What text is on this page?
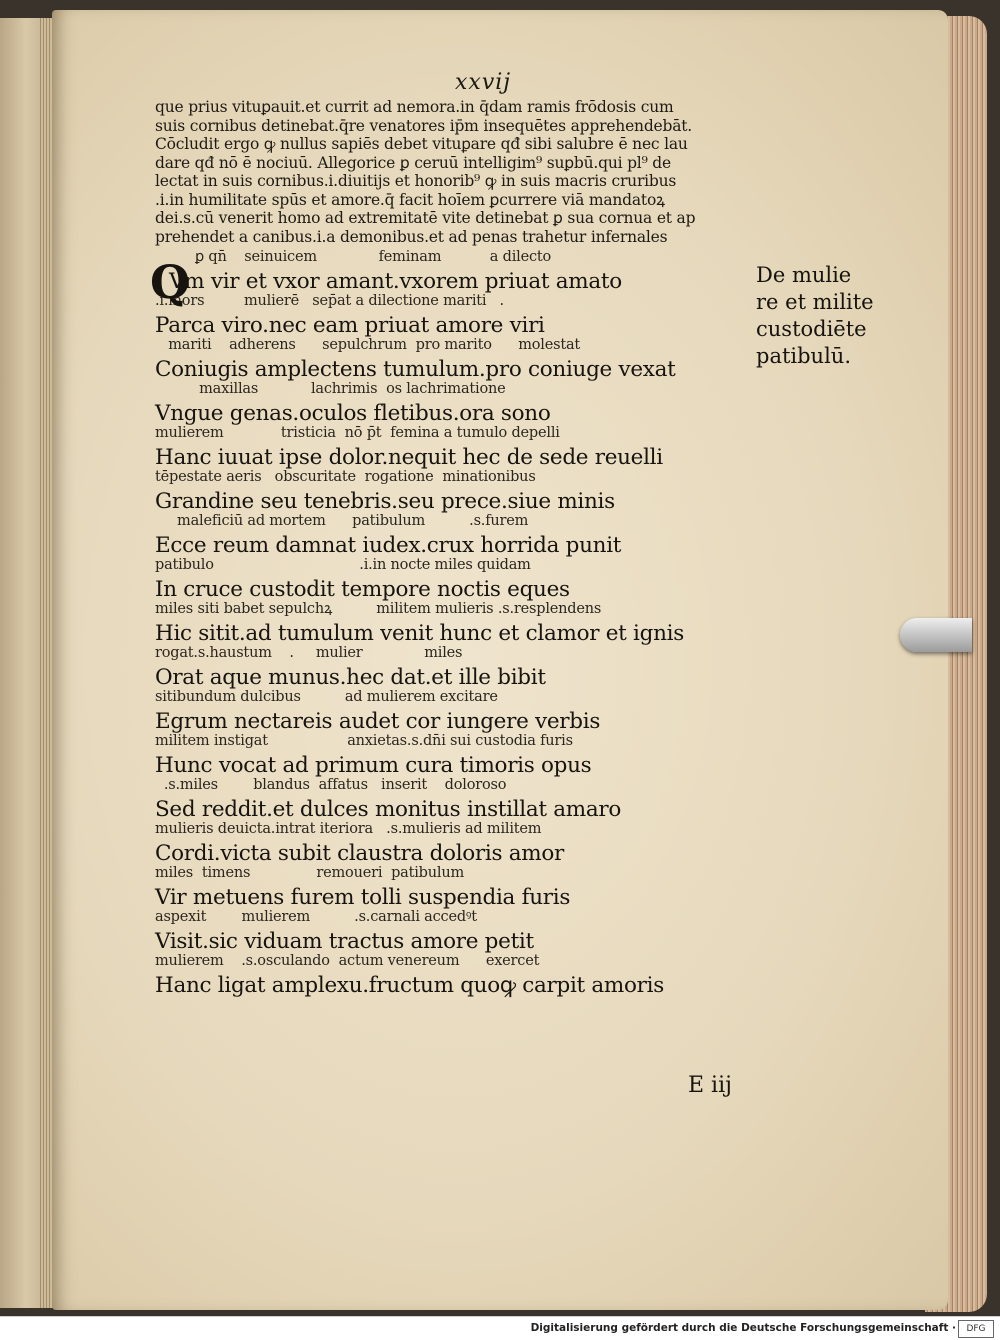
xxvij
que prius vituꝑauit.et currit ad nemora.in q̄dam ramis frōdosis cum
suis cornibus detinebat.q̄re venatores ip̄m insequētes apprehendebāt.
Cōcludit ergo ꝙ nullus sapiēs debet vituꝑare qđ sibi salubre ē nec lau
dare qđ nō ē nociuū. Allegorice ꝑ ceruū intelligim⁹ suꝑbū.qui pl⁹ de
lectat in suis cornibus.i.diuitijs et honorib⁹ ꝙ in suis macris cruribus
.i.in humilitate spūs et amore.q̄ facit hoīem ꝑcurrere viā mandatoꝝ
dei.s.cū venerit homo ad extremitatē vite detinebat ꝑ sua cornua et ap
prehendet a canibus.i.a demonibus.et ad penas trahetur infernales
ꝑ qn̄    seinuicem              feminam           a dilecto
Vm vir et vxor amant.vxorem priuat amato
.i.mors         mulierē   sep̄at a dilectione mariti   .
Parca viro.nec eam priuat amore viri
mariti    adherens      sepulchrum  pro marito      molestat
Coniugis amplectens tumulum.pro coniuge vexat
maxillas            lachrimis  os lachrimatione
Vngue genas.oculos fletibus.ora sono
mulierem             tristicia  nō p̄t  femina a tumulo depelli
Hanc iuuat ipse dolor.nequit hec de sede reuelli
tēpestate aeris   obscuritate  rogatione  minationibus
Grandine seu tenebris.seu prece.siue minis
maleficiū ad mortem      patibulum          .s.furem
Ecce reum damnat iudex.crux horrida punit
patibulo                                 .i.in nocte miles quidam
In cruce custodit tempore noctis eques
miles siti babet sepulchꝝ          militem mulieris .s.resplendens
Hic sitit.ad tumulum venit hunc et clamor et ignis
rogat.s.haustum    .     mulier              miles
Orat aque munus.hec dat.et ille bibit
sitibundum dulcibus          ad mulierem excitare
Egrum nectareis audet cor iungere verbis
militem instigat                  anxietas.s.dn̄i sui custodia furis
Hunc vocat ad primum cura timoris opus
.s.miles        blandus  affatus   inserit    doloroso
Sed reddit.et dulces monitus instillat amaro
mulieris deuicta.intrat iteriora   .s.mulieris ad militem
Cordi.victa subit claustra doloris amor
miles  timens               remoueri  patibulum
Vir metuens furem tolli suspendia furis
aspexit        mulierem          .s.carnali accedꝰt
Visit.sic viduam tractus amore petit
mulierem    .s.osculando  actum venereum      exercet
Hanc ligat amplexu.fructum quoꝙ carpit amoris
Q	De mulie
re et milite
custodiēte
patibulū.
E iij
Digitalisierung gefördert durch die Deutsche Forschungsgemeinschaft ·	DFG
